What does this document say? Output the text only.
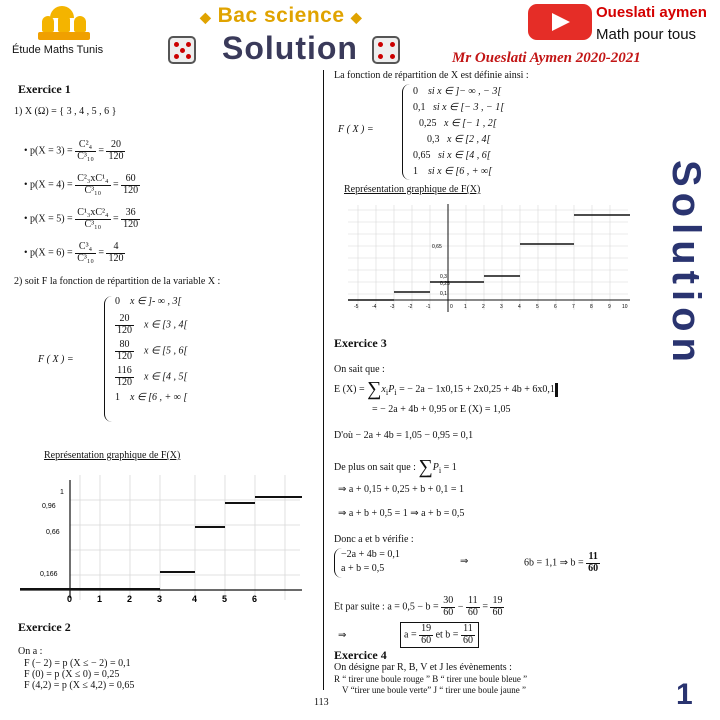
Étude Maths Tunis
◆ Bac science ◆
Solution
Oueslati aymen
Math pour tous
Mr Oueslati Aymen 2020-2021
Exercice 1
1) X (Ω) = { 3 , 4 , 5 , 6 }
• $p(X = 3) = \frac{\text{C²₄}}{\text{C³₁₀}} = \frac{20}{120}$
• $p(X = 4) = \frac{\text{C²₃xC¹₄}}{\text{C³₁₀}} = \frac{60}{120}$
• $p(X = 5) = \frac{\text{C¹₃xC²₄}}{\text{C³₁₀}} = \frac{36}{120}$
• $p(X = 6) = \frac{\text{C³₄}}{\text{C³₁₀}} = \frac{4}{120}$
2) soit F la fonction de répartition de la variable X :
F ( X ) =
0 x ∈ ]- ∞ , 3[
$\frac{20}{120}$ x ∈ [3 , 4[
$\frac{80}{120}$ x ∈ [5 , 6[
$\frac{116}{120}$ x ∈ [4 , 5[
1 x ∈ [6 , + ∞ [
Représentation graphique de F(X)
1
0,96
0,66
0,166
0	1	2	3	4	5	6
Exercice 2
On a :
F (− 2) = p (X ≤ − 2) = 0,1
F (0) = p (X ≤ 0) = 0,25
F (4,2) = p (X ≤ 4,2) = 0,65
La fonction de répartition de X est définie ainsi :
F ( X ) =
0 si x ∈ ]− ∞ , − 3[
0,1 si x ∈ [− 3 , − 1[
0,25 x ∈ [− 1 , 2[
0,3 x ∈ [2 , 4[
0,65 si x ∈ [4 , 6[
1 si x ∈ [6 , + ∞[
Représentation graphique de F(X)
0,65
0,3
0,25
0,1
-5	-4	-3	-2	-1	0 1	2	3	4	5	6	7	8	9 10
Exercice 3
On sait que :
E $(X) = \sum x_iP_i$ = − 2a − 1x0,15 + 2x0,25 + 4b + 6x0,1
= − 2a + 4b + 0,95 or E (X) = 1,05
D'où − 2a + 4b = 1,05 − 0,95 = 0,1
De plus on sait que : $\sum P_i = 1$
⇒ a + 0,15 + 0,25 + b + 0,1 = 1
⇒ a + b + 0,5 = 1 ⇒ a + b = 0,5
Donc a et b vérifie :
−2a + 4b = 0,1
a + b = 0,5
⇒	6b = 1,1 ⇒ $b = \frac{11}{60}$
Et par suite : $a = 0,5 - b = \frac{30}{60} - \frac{11}{60} = \frac{19}{60}$
⇒	$a = \frac{19}{60}$ et $b = \frac{11}{60}$
Exercice 4
On désigne par R, B, V et J les évènements :
R “ tirer une boule rouge ” B “ tirer une boule bleue ”
V “tirer une boule verte” J “ tirer une boule jaune ”
Solution
1
113
